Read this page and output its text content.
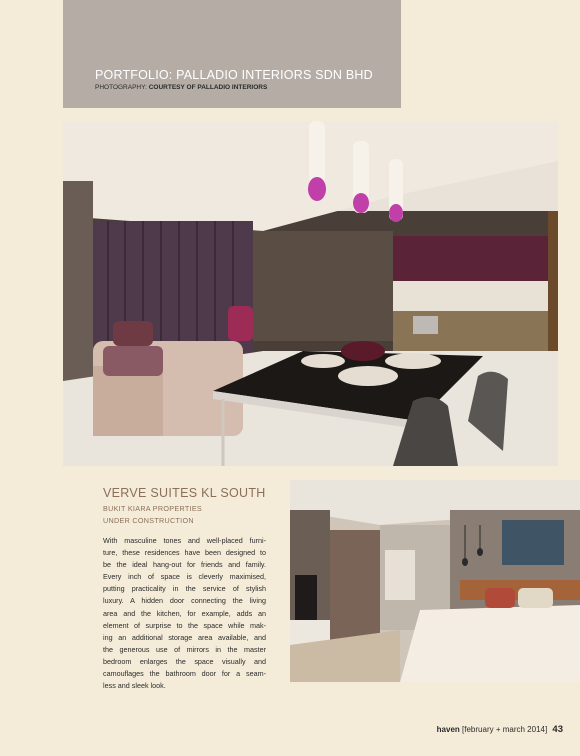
PORTFOLIO: PALLADIO INTERIORS SDN BHD
PHOTOGRAPHY: COURTESY OF PALLADIO INTERIORS
VERVE SUITES KL SOUTH
BUKIT KIARA PROPERTIES
UNDER CONSTRUCTION
With masculine tones and well-placed furni-
ture, these residences have been designed to
be the ideal hang-out for friends and family.
Every inch of space is cleverly maximised,
putting practicality in the service of stylish
luxury. A hidden door connecting the living
area and the kitchen, for example, adds an
element of surprise to the space while mak-
ing an additional storage area available, and
the generous use of mirrors in the master
bedroom enlarges the space visually and
camouflages the bathroom door for a seam-
less and sleek look.
haven [february + march 2014] 43
